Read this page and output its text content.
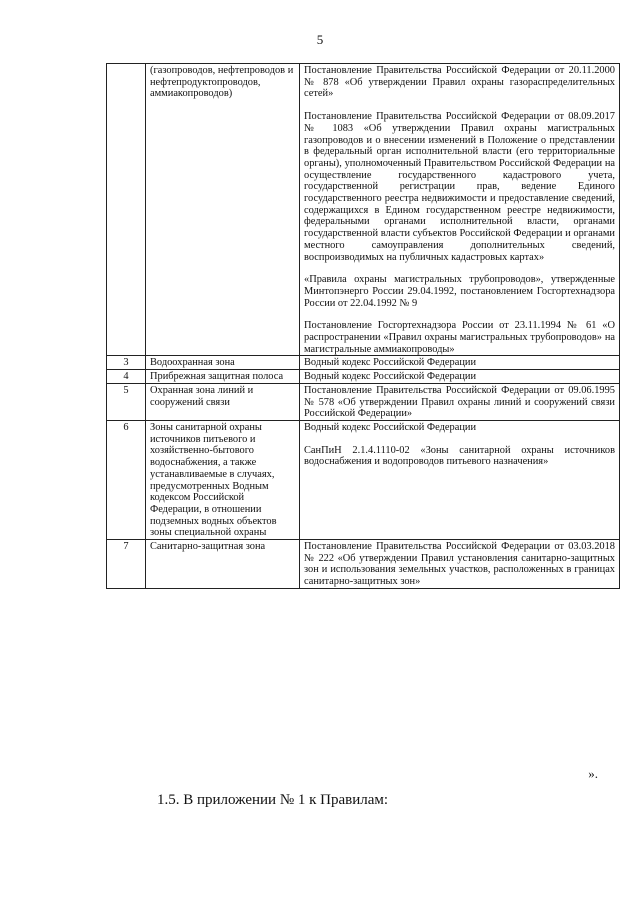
5
	(газопроводов, нефтепроводов и нефтепродуктопроводов, аммиакопроводов)	Постановление Правительства Российской Федерации от 20.11.2000 № 878 «Об утверждении Правил охраны газораспределительных сетей»

Постановление Правительства Российской Федерации от 08.09.2017 № 1083 «Об утверждении Правил охраны магистральных газопроводов и о внесении изменений в Положение о представлении в федеральный орган исполнительной власти (его территориальные органы), уполномоченный Правительством Российской Федерации на осуществление государственного кадастрового учета, государственной регистрации прав, ведение Единого государственного реестра недвижимости и предоставление сведений, содержащихся в Едином государственном реестре недвижимости, федеральными органами исполнительной власти, органами государственной власти субъектов Российской Федерации и органами местного самоуправления дополнительных сведений, воспроизводимых на публичных кадастровых картах»

«Правила охраны магистральных трубопроводов», утвержденные Минтопэнерго России 29.04.1992, постановлением Госгортехнадзора России от 22.04.1992 № 9

Постановление Госгортехнадзора России от 23.11.1994 № 61 «О распространении «Правил охраны магистральных трубопроводов» на магистральные аммиакопроводы»

3	Водоохранная зона	Водный кодекс Российской Федерации

4	Прибрежная защитная полоса	Водный кодекс Российской Федерации

5	Охранная зона линий и сооружений связи	Постановление Правительства Российской Федерации от 09.06.1995 № 578 «Об утверждении Правил охраны линий и сооружений связи Российской Федерации»

6	Зоны санитарной охраны источников питьевого и хозяйственно-бытового водоснабжения, а также устанавливаемые в случаях, предусмотренных Водным кодексом Российской Федерации, в отношении подземных водных объектов зоны специальной охраны	Водный кодекс Российской Федерации

СанПиН 2.1.4.1110-02 «Зоны санитарной охраны источников водоснабжения и водопроводов питьевого назначения»

7	Санитарно-защитная зона	Постановление Правительства Российской Федерации от 03.03.2018 № 222 «Об утверждении Правил установления санитарно-защитных зон и использования земельных участков, расположенных в границах санитарно-защитных зон»

».
1.5. В приложении № 1 к Правилам:
